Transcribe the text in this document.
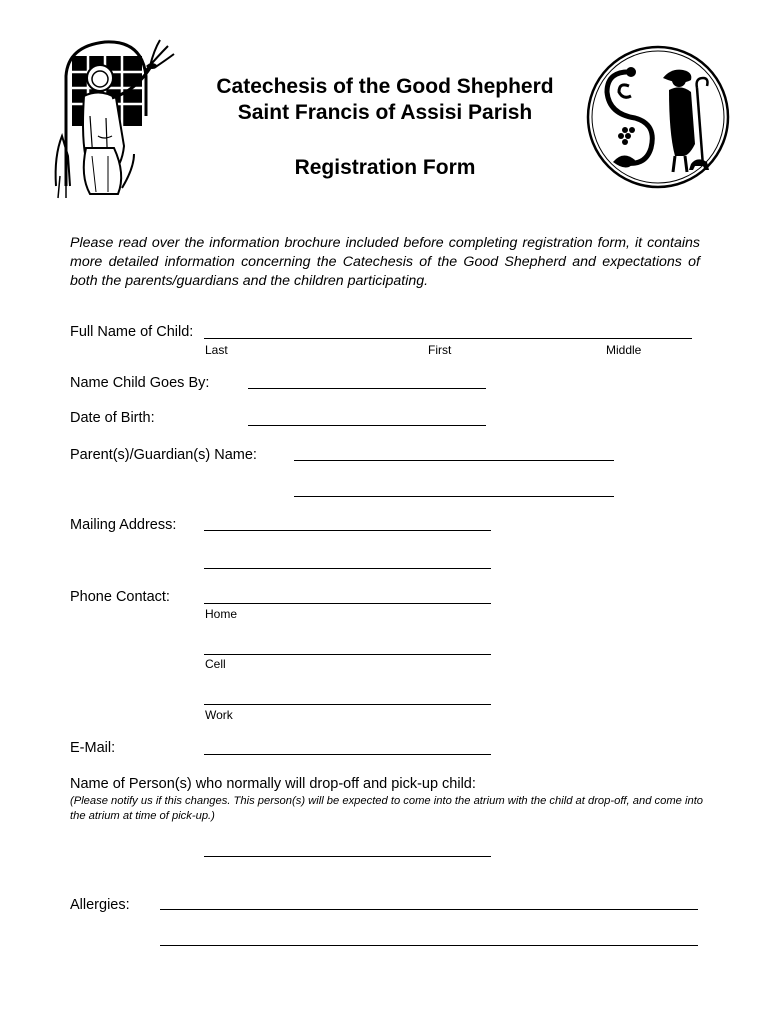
Catechesis of the Good Shepherd
Saint Francis of Assisi Parish
Registration Form
Please read over the information brochure included before completing registration form, it contains more detailed information concerning the Catechesis of the Good Shepherd and expectations of both the parents/guardians and the children participating.
Full Name of Child:
Last	First	Middle
Name Child Goes By:
Date of Birth:
Parent(s)/Guardian(s) Name:
Mailing Address:
Phone Contact:
Home
Cell
Work
E-Mail:
Name of Person(s) who normally will drop-off and pick-up child:
(Please notify us if this changes. This person(s) will be expected to come into the atrium with the child at drop-off, and come into the atrium at time of pick-up.)
Allergies:
